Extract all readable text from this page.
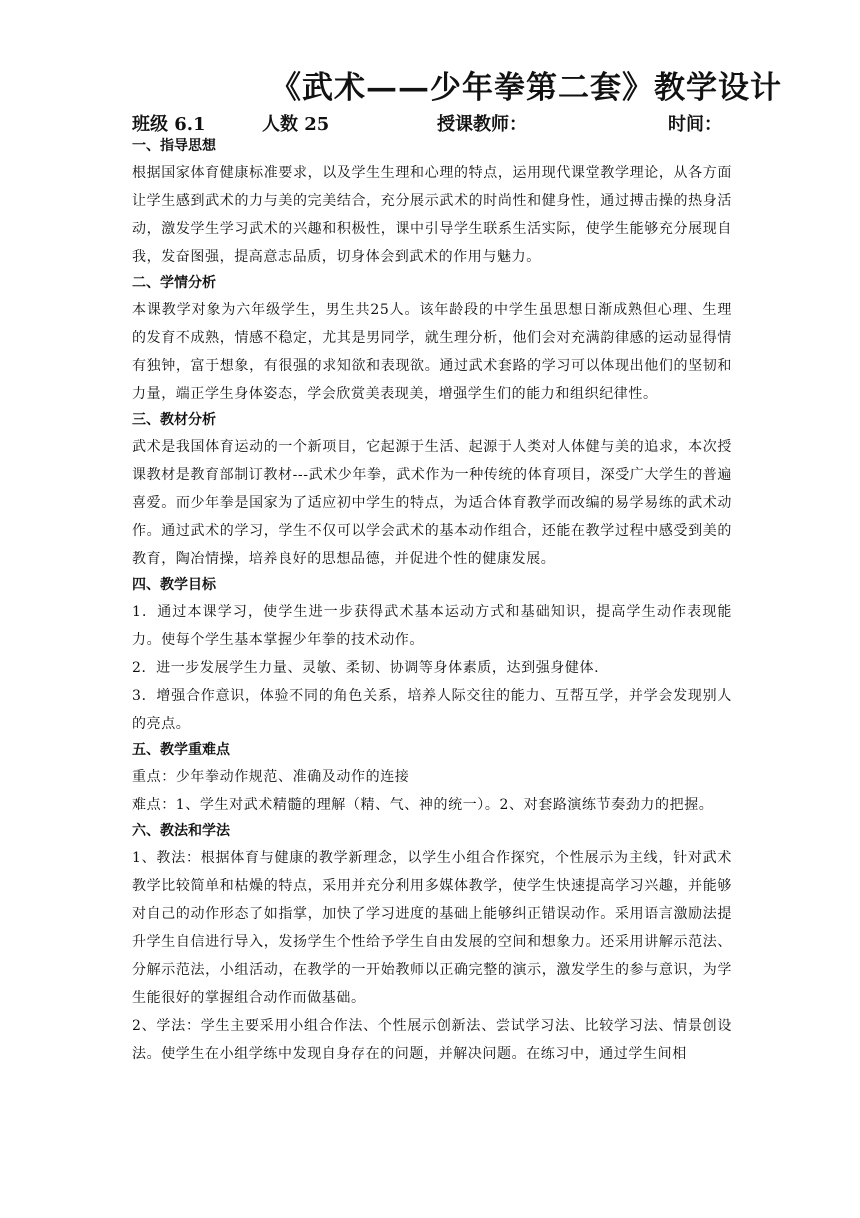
《武术——少年拳第二套》教学设计
班级 6.1	人数 25	授课教师：	时间：
一、指导思想
根据国家体育健康标准要求，以及学生生理和心理的特点，运用现代课堂教学理论，从各方面让学生感到武术的力与美的完美结合，充分展示武术的时尚性和健身性，通过搏击操的热身活动，激发学生学习武术的兴趣和积极性，课中引导学生联系生活实际，使学生能够充分展现自我，发奋图强，提高意志品质，切身体会到武术的作用与魅力。
二、学情分析
本课教学对象为六年级学生，男生共25人。该年龄段的中学生虽思想日渐成熟但心理、生理的发育不成熟，情感不稳定，尤其是男同学，就生理分析，他们会对充满韵律感的运动显得情有独钟，富于想象，有很强的求知欲和表现欲。通过武术套路的学习可以体现出他们的坚韧和力量，端正学生身体姿态，学会欣赏美表现美，增强学生们的能力和组织纪律性。
三、教材分析
武术是我国体育运动的一个新项目，它起源于生活、起源于人类对人体健与美的追求，本次授课教材是教育部制订教材---武术少年拳，武术作为一种传统的体育项目，深受广大学生的普遍喜爱。而少年拳是国家为了适应初中学生的特点，为适合体育教学而改编的易学易练的武术动作。通过武术的学习，学生不仅可以学会武术的基本动作组合，还能在教学过程中感受到美的教育，陶冶情操，培养良好的思想品德，并促进个性的健康发展。
四、教学目标
1．通过本课学习，使学生进一步获得武术基本运动方式和基础知识，提高学生动作表现能力。使每个学生基本掌握少年拳的技术动作。
2．进一步发展学生力量、灵敏、柔韧、协调等身体素质，达到强身健体.
3．增强合作意识，体验不同的角色关系，培养人际交往的能力、互帮互学，并学会发现别人的亮点。
五、教学重难点
重点：少年拳动作规范、准确及动作的连接
难点：1、学生对武术精髓的理解（精、气、神的统一）。2、对套路演练节奏劲力的把握。
六、教法和学法
1、教法：根据体育与健康的教学新理念，以学生小组合作探究，个性展示为主线，针对武术教学比较简单和枯燥的特点，采用并充分利用多媒体教学，使学生快速提高学习兴趣，并能够对自己的动作形态了如指掌，加快了学习进度的基础上能够纠正错误动作。采用语言激励法提升学生自信进行导入，发扬学生个性给予学生自由发展的空间和想象力。还采用讲解示范法、分解示范法，小组活动，在教学的一开始教师以正确完整的演示，激发学生的参与意识，为学生能很好的掌握组合动作而做基础。
2、学法：学生主要采用小组合作法、个性展示创新法、尝试学习法、比较学习法、情景创设法。使学生在小组学练中发现自身存在的问题，并解决问题。在练习中，通过学生间相
